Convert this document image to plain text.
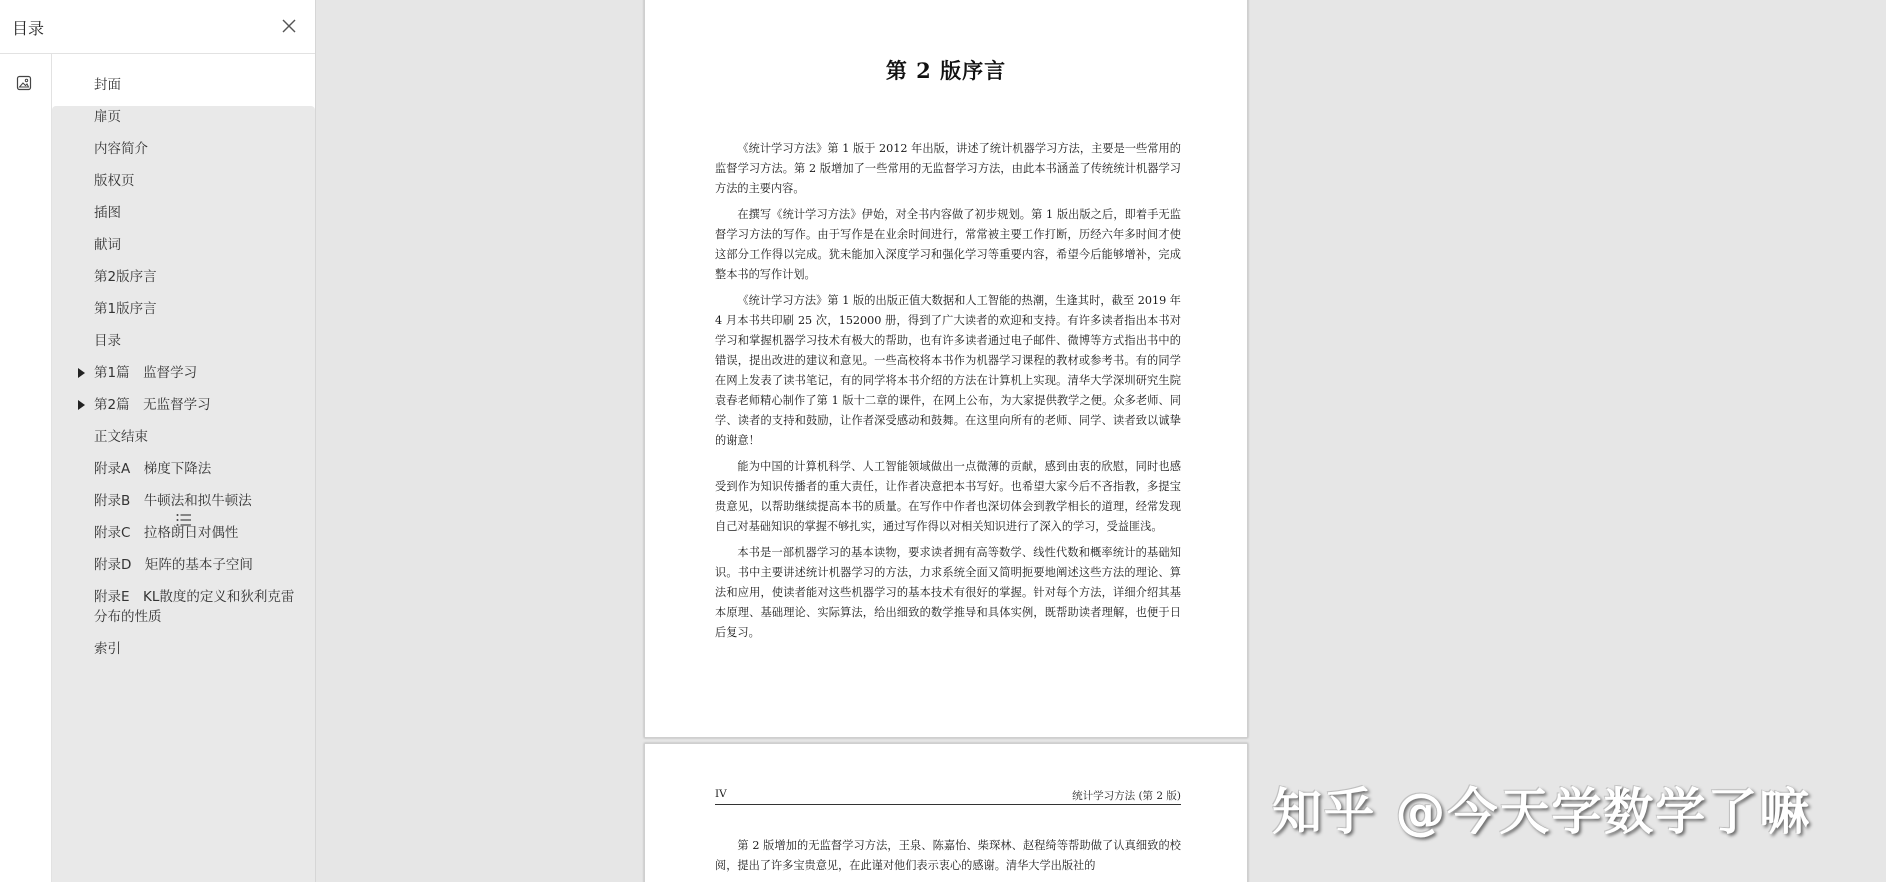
目录
封面
扉页
内容简介
版权页
插图
献词
第2版序言
第1版序言
目录
第1篇　监督学习
第2篇　无监督学习
正文结束
附录A　梯度下降法
附录B　牛顿法和拟牛顿法
附录C　拉格朗日对偶性
附录D　矩阵的基本子空间
附录E　KL散度的定义和狄利克雷分布的性质
索引
第 2 版序言

《统计学习方法》第 1 版于 2012 年出版，讲述了统计机器学习方法，主要是一些常用的监督学习方法。第 2 版增加了一些常用的无监督学习方法，由此本书涵盖了传统统计机器学习方法的主要内容。

在撰写《统计学习方法》伊始，对全书内容做了初步规划。第 1 版出版之后，即着手无监督学习方法的写作。由于写作是在业余时间进行，常常被主要工作打断，历经六年多时间才使这部分工作得以完成。犹未能加入深度学习和强化学习等重要内容，希望今后能够增补，完成整本书的写作计划。

《统计学习方法》第 1 版的出版正值大数据和人工智能的热潮，生逢其时，截至 2019 年 4 月本书共印刷 25 次，152000 册，得到了广大读者的欢迎和支持。有许多读者指出本书对学习和掌握机器学习技术有极大的帮助，也有许多读者通过电子邮件、微博等方式指出书中的错误，提出改进的建议和意见。一些高校将本书作为机器学习课程的教材或参考书。有的同学在网上发表了读书笔记，有的同学将本书介绍的方法在计算机上实现。清华大学深圳研究生院袁春老师精心制作了第 1 版十二章的课件，在网上公布，为大家提供教学之便。众多老师、同学、读者的支持和鼓励，让作者深受感动和鼓舞。在这里向所有的老师、同学、读者致以诚挚的谢意！

能为中国的计算机科学、人工智能领域做出一点微薄的贡献，感到由衷的欣慰，同时也感受到作为知识传播者的重大责任，让作者决意把本书写好。也希望大家今后不吝指教，多提宝贵意见，以帮助继续提高本书的质量。在写作中作者也深切体会到教学相长的道理，经常发现自己对基础知识的掌握不够扎实，通过写作得以对相关知识进行了深入的学习，受益匪浅。

本书是一部机器学习的基本读物，要求读者拥有高等数学、线性代数和概率统计的基础知识。书中主要讲述统计机器学习的方法，力求系统全面又简明扼要地阐述这些方法的理论、算法和应用，使读者能对这些机器学习的基本技术有很好的掌握。针对每个方法，详细介绍其基本原理、基础理论、实际算法，给出细致的数学推导和具体实例，既帮助读者理解，也便于日后复习。

IV	统计学习方法 (第 2 版)

第 2 版增加的无监督学习方法，王泉、陈嘉怡、柴琛林、赵程绮等帮助做了认真细致的校阅，提出了许多宝贵意见，在此谨对他们表示衷心的感谢。清华大学出版社的

知乎 @今天学数学了嘛
